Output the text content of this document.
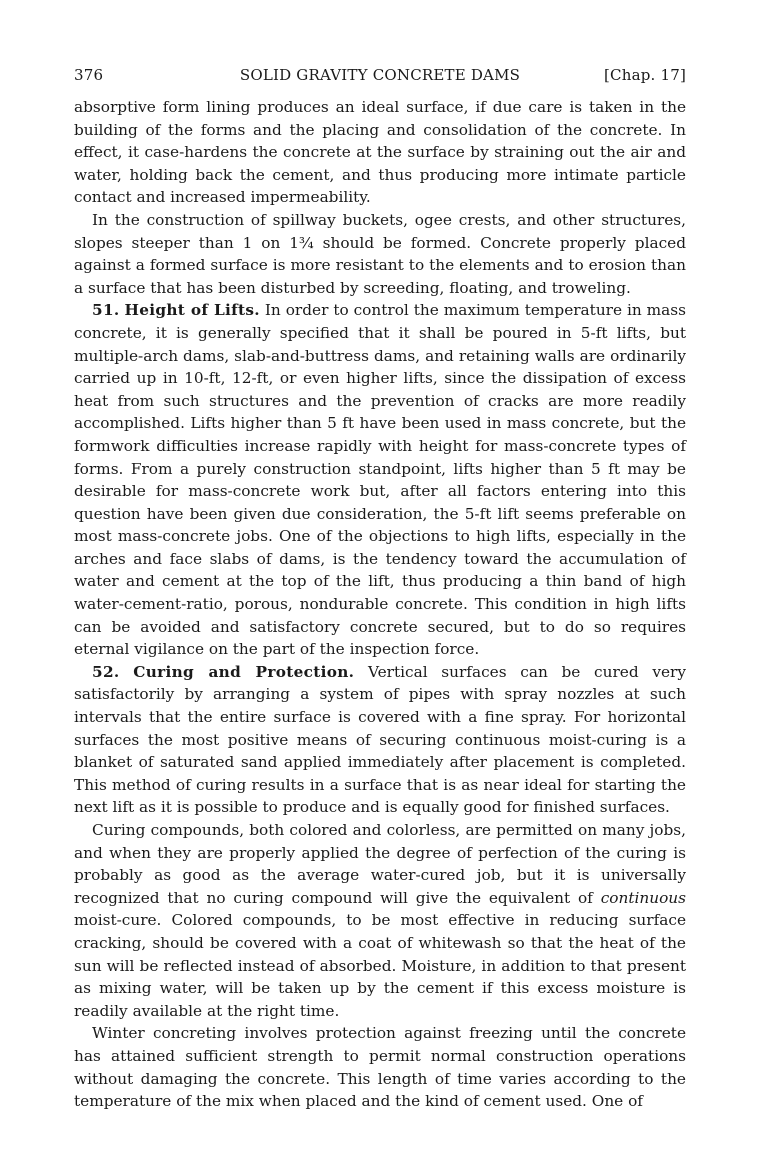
376	SOLID GRAVITY CONCRETE DAMS	[Chap. 17]

absorptive form lining produces an ideal surface, if due care is taken in the building of the forms and the placing and consolidation of the concrete. In effect, it case-hardens the concrete at the surface by straining out the air and water, holding back the cement, and thus producing more intimate particle contact and increased impermeability.

In the construction of spillway buckets, ogee crests, and other structures, slopes steeper than 1 on 1¾ should be formed. Concrete properly placed against a formed surface is more resistant to the elements and to erosion than a surface that has been disturbed by screeding, floating, and troweling.

51. Height of Lifts. In order to control the maximum temperature in mass concrete, it is generally specified that it shall be poured in 5-ft lifts, but multiple-arch dams, slab-and-buttress dams, and retaining walls are ordinarily carried up in 10-ft, 12-ft, or even higher lifts, since the dissipation of excess heat from such structures and the prevention of cracks are more readily accomplished. Lifts higher than 5 ft have been used in mass concrete, but the formwork difficulties increase rapidly with height for mass-concrete types of forms. From a purely construction standpoint, lifts higher than 5 ft may be desirable for mass-concrete work but, after all factors entering into this question have been given due consideration, the 5-ft lift seems preferable on most mass-concrete jobs. One of the objections to high lifts, especially in the arches and face slabs of dams, is the tendency toward the accumulation of water and cement at the top of the lift, thus producing a thin band of high water-cement-ratio, porous, nondurable concrete. This condition in high lifts can be avoided and satisfactory concrete secured, but to do so requires eternal vigilance on the part of the inspection force.

52. Curing and Protection. Vertical surfaces can be cured very satisfactorily by arranging a system of pipes with spray nozzles at such intervals that the entire surface is covered with a fine spray. For horizontal surfaces the most positive means of securing continuous moist-curing is a blanket of saturated sand applied immediately after placement is completed. This method of curing results in a surface that is as near ideal for starting the next lift as it is possible to produce and is equally good for finished surfaces.

Curing compounds, both colored and colorless, are permitted on many jobs, and when they are properly applied the degree of perfection of the curing is probably as good as the average water-cured job, but it is universally recognized that no curing compound will give the equivalent of continuous moist-cure. Colored compounds, to be most effective in reducing surface cracking, should be covered with a coat of whitewash so that the heat of the sun will be reflected instead of absorbed. Moisture, in addition to that present as mixing water, will be taken up by the cement if this excess moisture is readily available at the right time.

Winter concreting involves protection against freezing until the concrete has attained sufficient strength to permit normal construction operations without damaging the concrete. This length of time varies according to the temperature of the mix when placed and the kind of cement used. One of
